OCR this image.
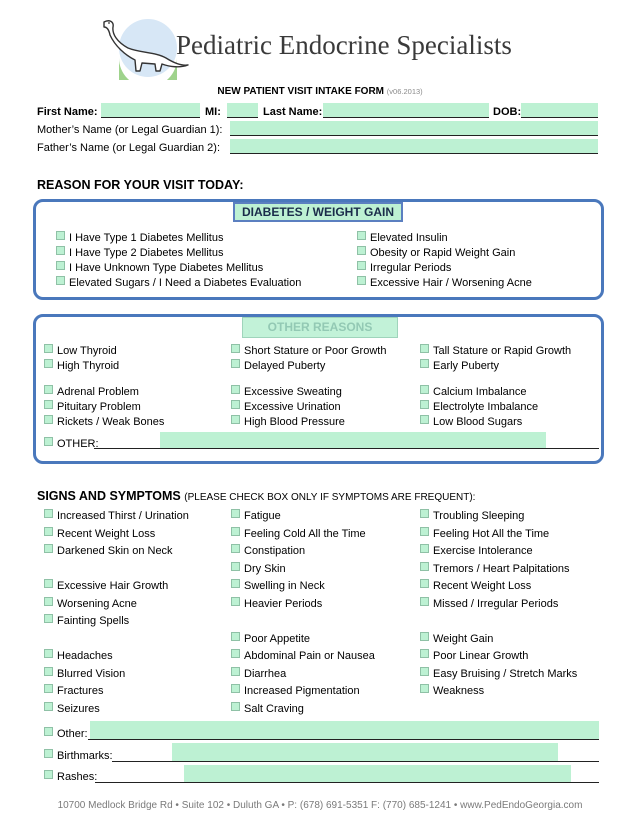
Pediatric Endocrine Specialists
NEW PATIENT VISIT INTAKE FORM (v06.2013)
First Name:	MI:	Last Name:	DOB:
Mother’s Name (or Legal Guardian 1):
Father’s Name (or Legal Guardian 2):
REASON FOR YOUR VISIT TODAY:
DIABETES / WEIGHT GAIN
I Have Type 1 Diabetes Mellitus
I Have Type 2 Diabetes Mellitus
I Have Unknown Type Diabetes Mellitus
Elevated Sugars / I Need a Diabetes Evaluation
Elevated Insulin
Obesity or Rapid Weight Gain
Irregular Periods
Excessive Hair / Worsening Acne
OTHER REASONS
Low Thyroid
High Thyroid
Adrenal Problem
Pituitary Problem
Rickets / Weak Bones
Short Stature or Poor Growth
Delayed Puberty
Excessive Sweating
Excessive Urination
High Blood Pressure
Tall Stature or Rapid Growth
Early Puberty
Calcium Imbalance
Electrolyte Imbalance
Low Blood Sugars
OTHER:
SIGNS AND SYMPTOMS (PLEASE CHECK BOX ONLY IF SYMPTOMS ARE FREQUENT):
Increased Thirst / Urination
Recent Weight Loss
Darkened Skin on Neck
Excessive Hair Growth
Worsening Acne
Fainting Spells
Headaches
Blurred Vision
Fractures
Seizures
Fatigue
Feeling Cold All the Time
Constipation
Dry Skin
Swelling in Neck
Heavier Periods
Poor Appetite
Abdominal Pain or Nausea
Diarrhea
Increased Pigmentation
Salt Craving
Troubling Sleeping
Feeling Hot All the Time
Exercise Intolerance
Tremors / Heart Palpitations
Recent Weight Loss
Missed / Irregular Periods
Weight Gain
Poor Linear Growth
Easy Bruising / Stretch Marks
Weakness
Other:
Birthmarks:
Rashes:
10700 Medlock Bridge Rd • Suite 102 • Duluth GA • P: (678) 691-5351 F: (770) 685-1241 • www.PedEndoGeorgia.com
